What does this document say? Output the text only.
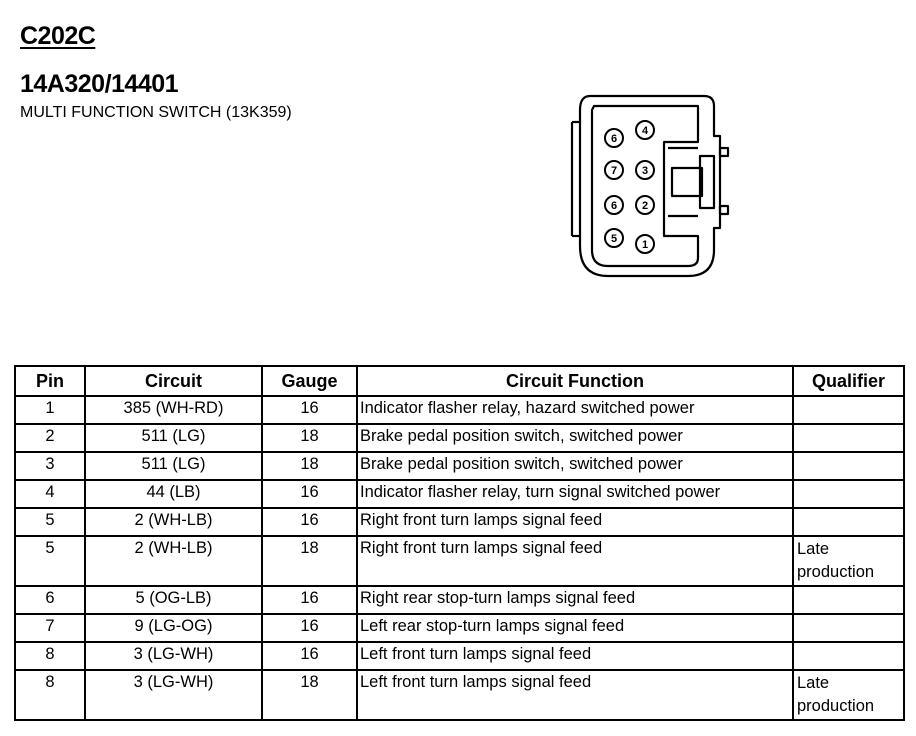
C202C
14A320/14401
MULTI FUNCTION SWITCH (13K359)
6
4
7 3
6 2
5 1
Pin	Circuit	Gauge	Circuit Function	Qualifier
1	385 (WH-RD)	16	Indicator flasher relay, hazard switched power	
2	511 (LG)	18	Brake pedal position switch, switched power	
3	511 (LG)	18	Brake pedal position switch, switched power	
4	44 (LB)	16	Indicator flasher relay, turn signal switched power	
5	2 (WH-LB)	16	Right front turn lamps signal feed	
5	2 (WH-LB)	18	Right front turn lamps signal feed	Late production
6	5 (OG-LB)	16	Right rear stop-turn lamps signal feed	
7	9 (LG-OG)	16	Left rear stop-turn lamps signal feed	
8	3 (LG-WH)	16	Left front turn lamps signal feed	
8	3 (LG-WH)	18	Left front turn lamps signal feed	Late production
